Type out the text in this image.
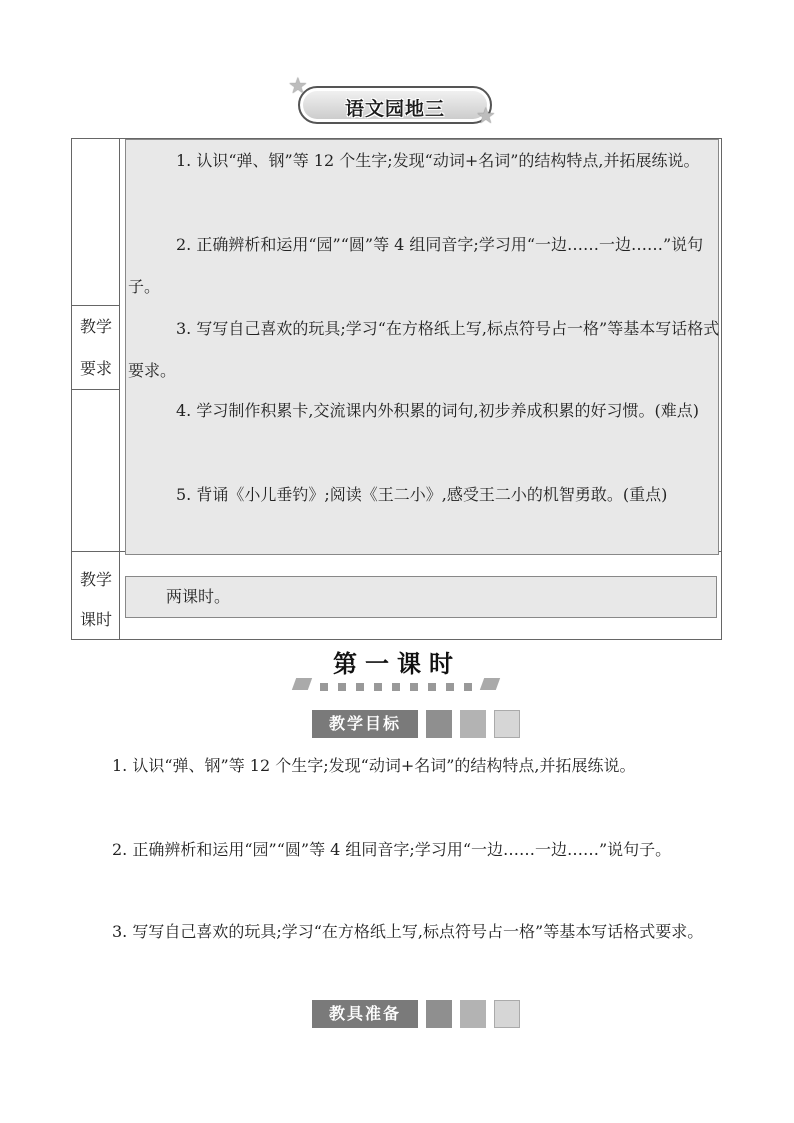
★
★
语文园地三
教学
要求
教学
课时
1. 认识“弹、钢”等 12 个生字;发现“动词+名词”的结构特点,并拓展练说。
2. 正确辨析和运用“园”“圆”等 4 组同音字;学习用“一边……一边……”说句子。
3. 写写自己喜欢的玩具;学习“在方格纸上写,标点符号占一格”等基本写话格式要求。
4. 学习制作积累卡,交流课内外积累的词句,初步养成积累的好习惯。(难点)
5. 背诵《小儿垂钓》;阅读《王二小》,感受王二小的机智勇敢。(重点)
两课时。
第一课时
教学目标
1. 认识“弹、钢”等 12 个生字;发现“动词+名词”的结构特点,并拓展练说。
2. 正确辨析和运用“园”“圆”等 4 组同音字;学习用“一边……一边……”说句子。
3. 写写自己喜欢的玩具;学习“在方格纸上写,标点符号占一格”等基本写话格式要求。
教具准备
